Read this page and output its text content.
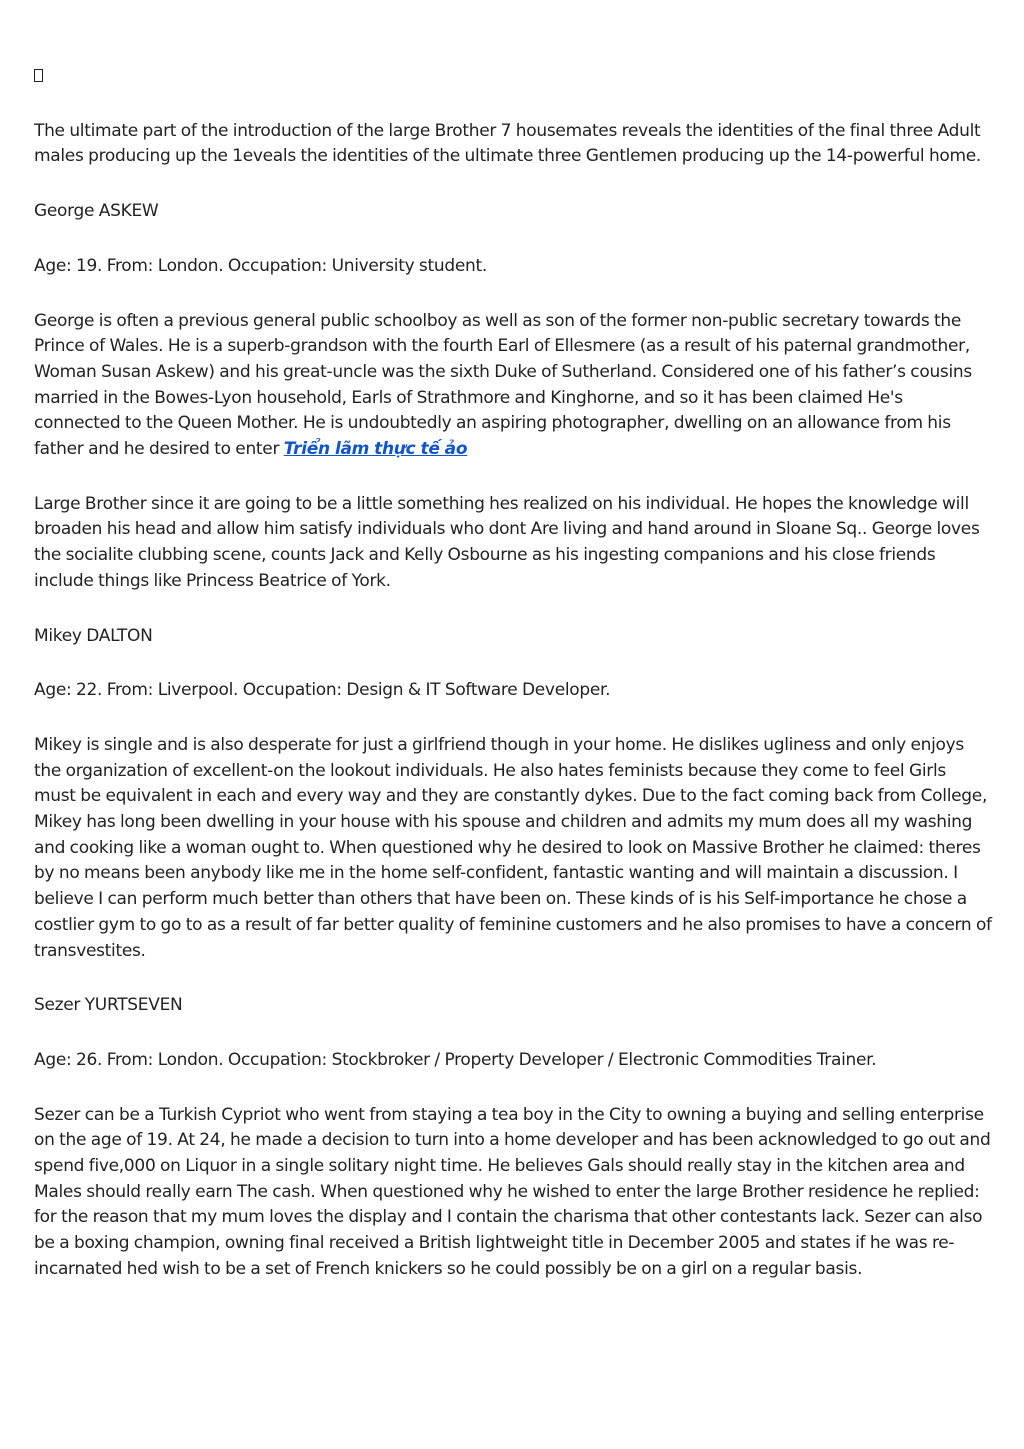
The ultimate part of the introduction of the large Brother 7 housemates reveals the identities of the final three Adult males producing up the 1eveals the identities of the ultimate three Gentlemen producing up the 14-powerful home.

George ASKEW

Age: 19. From: London. Occupation: University student.

George is often a previous general public schoolboy as well as son of the former non-public secretary towards the Prince of Wales. He is a superb-grandson with the fourth Earl of Ellesmere (as a result of his paternal grandmother, Woman Susan Askew) and his great-uncle was the sixth Duke of Sutherland. Considered one of his father’s cousins married in the Bowes-Lyon household, Earls of Strathmore and Kinghorne, and so it has been claimed He's connected to the Queen Mother. He is undoubtedly an aspiring photographer, dwelling on an allowance from his father and he desired to enter Triển lãm thực tế ảo

Large Brother since it are going to be a little something hes realized on his individual. He hopes the knowledge will broaden his head and allow him satisfy individuals who dont Are living and hand around in Sloane Sq.. George loves the socialite clubbing scene, counts Jack and Kelly Osbourne as his ingesting companions and his close friends include things like Princess Beatrice of York.

Mikey DALTON

Age: 22. From: Liverpool. Occupation: Design & IT Software Developer.

Mikey is single and is also desperate for just a girlfriend though in your home. He dislikes ugliness and only enjoys the organization of excellent-on the lookout individuals. He also hates feminists because they come to feel Girls must be equivalent in each and every way and they are constantly dykes. Due to the fact coming back from College, Mikey has long been dwelling in your house with his spouse and children and admits my mum does all my washing and cooking like a woman ought to. When questioned why he desired to look on Massive Brother he claimed: theres by no means been anybody like me in the home self-confident, fantastic wanting and will maintain a discussion. I believe I can perform much better than others that have been on. These kinds of is his Self-importance he chose a costlier gym to go to as a result of far better quality of feminine customers and he also promises to have a concern of transvestites.

Sezer YURTSEVEN

Age: 26. From: London. Occupation: Stockbroker / Property Developer / Electronic Commodities Trainer.

Sezer can be a Turkish Cypriot who went from staying a tea boy in the City to owning a buying and selling enterprise on the age of 19. At 24, he made a decision to turn into a home developer and has been acknowledged to go out and spend five,000 on Liquor in a single solitary night time. He believes Gals should really stay in the kitchen area and Males should really earn The cash. When questioned why he wished to enter the large Brother residence he replied: for the reason that my mum loves the display and I contain the charisma that other contestants lack. Sezer can also be a boxing champion, owning final received a British lightweight title in December 2005 and states if he was re-incarnated hed wish to be a set of French knickers so he could possibly be on a girl on a regular basis.
